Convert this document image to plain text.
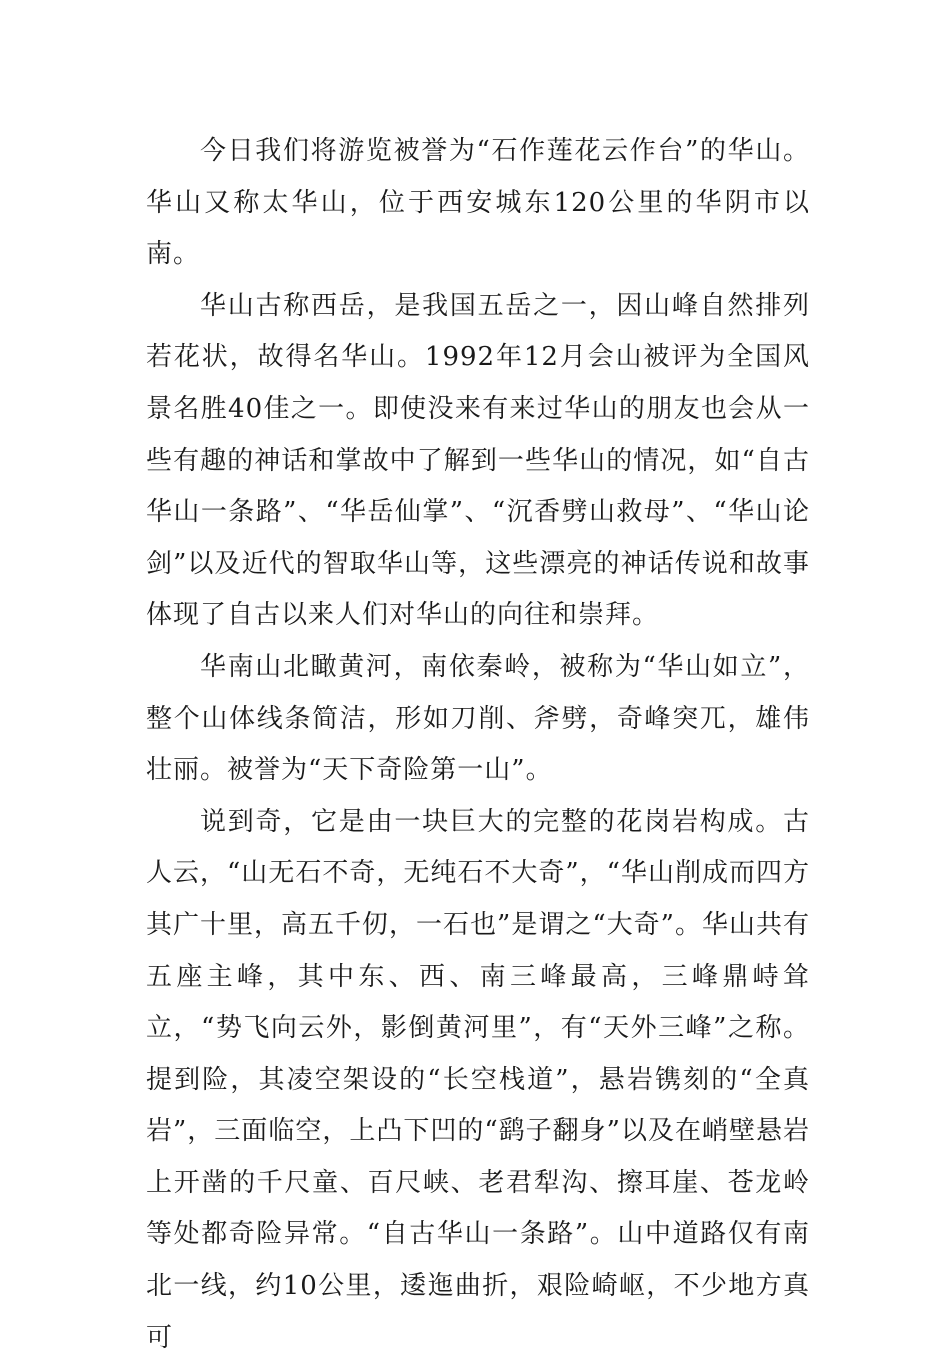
今日我们将游览被誉为“石作莲花云作台”的华山。华山又称太华山，位于西安城东120公里的华阴市以南。

华山古称西岳，是我国五岳之一，因山峰自然排列若花状，故得名华山。1992年12月会山被评为全国风景名胜40佳之一。即使没来有来过华山的朋友也会从一些有趣的神话和掌故中了解到一些华山的情况，如“自古华山一条路”、“华岳仙掌”、“沉香劈山救母”、“华山论剑”以及近代的智取华山等，这些漂亮的神话传说和故事体现了自古以来人们对华山的向往和崇拜。

华南山北瞰黄河，南依秦岭，被称为“华山如立”，整个山体线条简洁，形如刀削、斧劈，奇峰突兀，雄伟壮丽。被誉为“天下奇险第一山”。

说到奇，它是由一块巨大的完整的花岗岩构成。古人云，“山无石不奇，无纯石不大奇”，“华山削成而四方其广十里，高五千仞，一石也”是谓之“大奇”。华山共有五座主峰，其中东、西、南三峰最高，三峰鼎峙耸立，“势飞向云外，影倒黄河里”，有“天外三峰”之称。提到险，其凌空架设的“长空栈道”，悬岩镌刻的“全真岩”，三面临空，上凸下凹的“鹞子翻身”以及在峭壁悬岩上开凿的千尺童、百尺峡、老君犁沟、擦耳崖、苍龙岭等处都奇险异常。“自古华山一条路”。山中道路仅有南北一线，约10公里，逶迤曲折，艰险崎岖，不少地方真可
